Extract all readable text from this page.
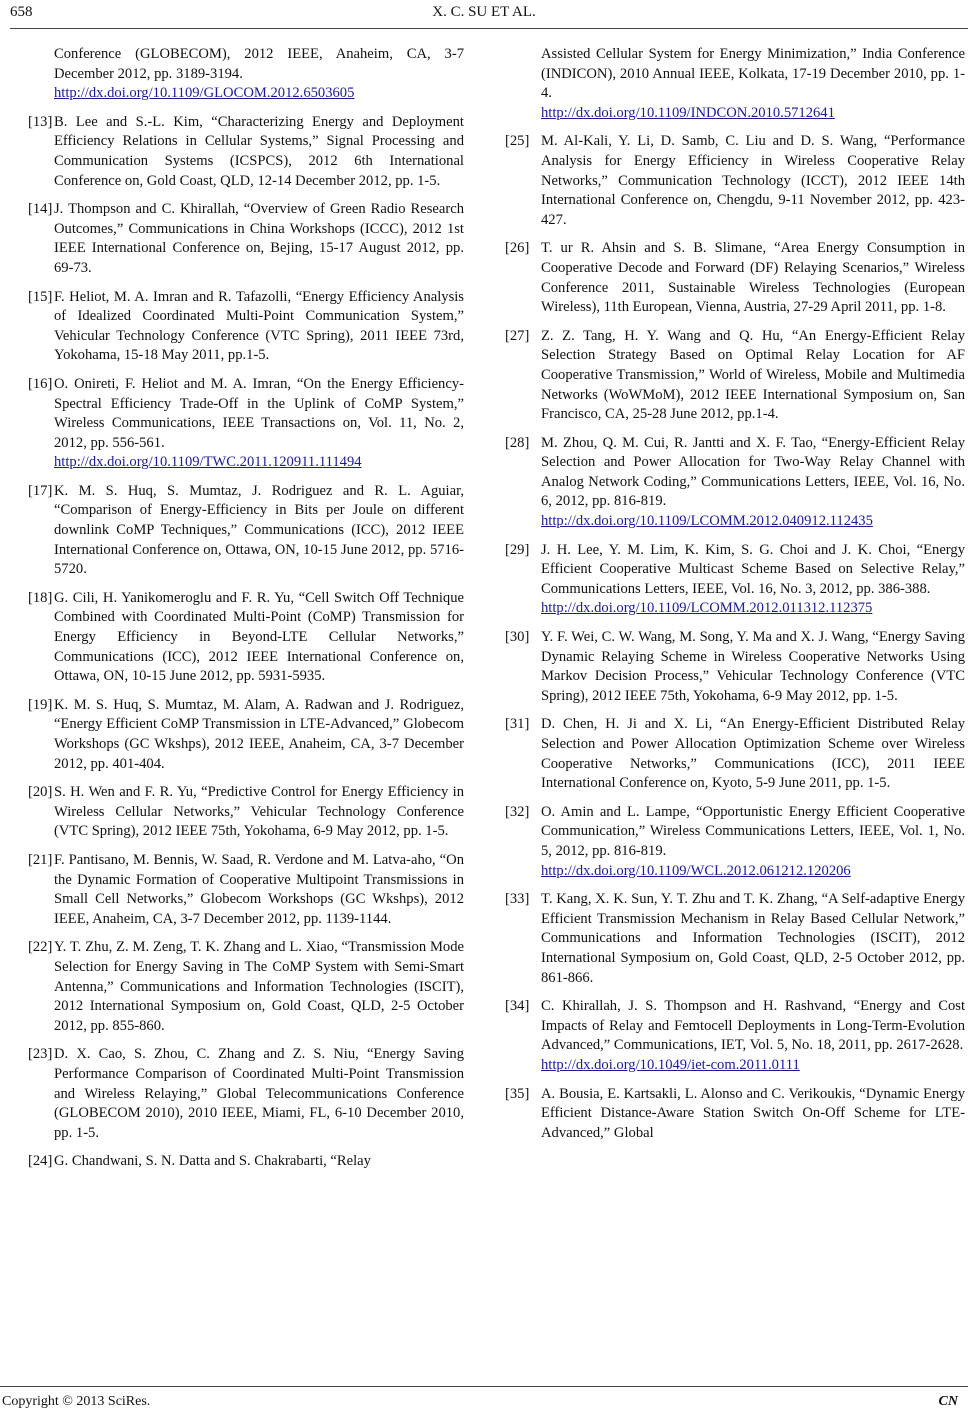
658	X. C. SU ET AL.
Conference (GLOBECOM), 2012 IEEE, Anaheim, CA, 3-7 December 2012, pp. 3189-3194.
http://dx.doi.org/10.1109/GLOCOM.2012.6503605
[13] B. Lee and S.-L. Kim, “Characterizing Energy and Deployment Efficiency Relations in Cellular Systems,” Signal Processing and Communication Systems (ICSPCS), 2012 6th International Conference on, Gold Coast, QLD, 12-14 December 2012, pp. 1-5.
[14] J. Thompson and C. Khirallah, “Overview of Green Radio Research Outcomes,” Communications in China Workshops (ICCC), 2012 1st IEEE International Conference on, Bejing, 15-17 August 2012, pp. 69-73.
[15] F. Heliot, M. A. Imran and R. Tafazolli, “Energy Efficiency Analysis of Idealized Coordinated Multi-Point Communication System,” Vehicular Technology Conference (VTC Spring), 2011 IEEE 73rd, Yokohama, 15-18 May 2011, pp.1-5.
[16] O. Onireti, F. Heliot and M. A. Imran, “On the Energy Efficiency-Spectral Efficiency Trade-Off in the Uplink of CoMP System,” Wireless Communications, IEEE Transactions on, Vol. 11, No. 2, 2012, pp. 556-561.
http://dx.doi.org/10.1109/TWC.2011.120911.111494
[17] K. M. S. Huq, S. Mumtaz, J. Rodriguez and R. L. Aguiar, “Comparison of Energy-Efficiency in Bits per Joule on different downlink CoMP Techniques,” Communications (ICC), 2012 IEEE International Conference on, Ottawa, ON, 10-15 June 2012, pp. 5716-5720.
[18] G. Cili, H. Yanikomeroglu and F. R. Yu, “Cell Switch Off Technique Combined with Coordinated Multi-Point (CoMP) Transmission for Energy Efficiency in Beyond-LTE Cellular Networks,” Communications (ICC), 2012 IEEE International Conference on, Ottawa, ON, 10-15 June 2012, pp. 5931-5935.
[19] K. M. S. Huq, S. Mumtaz, M. Alam, A. Radwan and J. Rodriguez, “Energy Efficient CoMP Transmission in LTE-Advanced,” Globecom Workshops (GC Wkshps), 2012 IEEE, Anaheim, CA, 3-7 December 2012, pp. 401-404.
[20] S. H. Wen and F. R. Yu, “Predictive Control for Energy Efficiency in Wireless Cellular Networks,” Vehicular Technology Conference (VTC Spring), 2012 IEEE 75th, Yokohama, 6-9 May 2012, pp. 1-5.
[21] F. Pantisano, M. Bennis, W. Saad, R. Verdone and M. Latva-aho, “On the Dynamic Formation of Cooperative Multipoint Transmissions in Small Cell Networks,” Globecom Workshops (GC Wkshps), 2012 IEEE, Anaheim, CA, 3-7 December 2012, pp. 1139-1144.
[22] Y. T. Zhu, Z. M. Zeng, T. K. Zhang and L. Xiao, “Transmission Mode Selection for Energy Saving in The CoMP System with Semi-Smart Antenna,” Communications and Information Technologies (ISCIT), 2012 International Symposium on, Gold Coast, QLD, 2-5 October 2012, pp. 855-860.
[23] D. X. Cao, S. Zhou, C. Zhang and Z. S. Niu, “Energy Saving Performance Comparison of Coordinated Multi-Point Transmission and Wireless Relaying,” Global Telecommunications Conference (GLOBECOM 2010), 2010 IEEE, Miami, FL, 6-10 December 2010, pp. 1-5.
[24] G. Chandwani, S. N. Datta and S. Chakrabarti, “Relay
Assisted Cellular System for Energy Minimization,” India Conference (INDICON), 2010 Annual IEEE, Kolkata, 17-19 December 2010, pp. 1-4.
http://dx.doi.org/10.1109/INDCON.2010.5712641
[25] M. Al-Kali, Y. Li, D. Samb, C. Liu and D. S. Wang, “Performance Analysis for Energy Efficiency in Wireless Cooperative Relay Networks,” Communication Technology (ICCT), 2012 IEEE 14th International Conference on, Chengdu, 9-11 November 2012, pp. 423-427.
[26] T. ur R. Ahsin and S. B. Slimane, “Area Energy Consumption in Cooperative Decode and Forward (DF) Relaying Scenarios,” Wireless Conference 2011, Sustainable Wireless Technologies (European Wireless), 11th European, Vienna, Austria, 27-29 April 2011, pp. 1-8.
[27] Z. Z. Tang, H. Y. Wang and Q. Hu, “An Energy-Efficient Relay Selection Strategy Based on Optimal Relay Location for AF Cooperative Transmission,” World of Wireless, Mobile and Multimedia Networks (WoWMoM), 2012 IEEE International Symposium on, San Francisco, CA, 25-28 June 2012, pp.1-4.
[28] M. Zhou, Q. M. Cui, R. Jantti and X. F. Tao, “Energy-Efficient Relay Selection and Power Allocation for Two-Way Relay Channel with Analog Network Coding,” Communications Letters, IEEE, Vol. 16, No. 6, 2012, pp. 816-819.
http://dx.doi.org/10.1109/LCOMM.2012.040912.112435
[29] J. H. Lee, Y. M. Lim, K. Kim, S. G. Choi and J. K. Choi, “Energy Efficient Cooperative Multicast Scheme Based on Selective Relay,” Communications Letters, IEEE, Vol. 16, No. 3, 2012, pp. 386-388.
http://dx.doi.org/10.1109/LCOMM.2012.011312.112375
[30] Y. F. Wei, C. W. Wang, M. Song, Y. Ma and X. J. Wang, “Energy Saving Dynamic Relaying Scheme in Wireless Cooperative Networks Using Markov Decision Process,” Vehicular Technology Conference (VTC Spring), 2012 IEEE 75th, Yokohama, 6-9 May 2012, pp. 1-5.
[31] D. Chen, H. Ji and X. Li, “An Energy-Efficient Distributed Relay Selection and Power Allocation Optimization Scheme over Wireless Cooperative Networks,” Communications (ICC), 2011 IEEE International Conference on, Kyoto, 5-9 June 2011, pp. 1-5.
[32] O. Amin and L. Lampe, “Opportunistic Energy Efficient Cooperative Communication,” Wireless Communications Letters, IEEE, Vol. 1, No. 5, 2012, pp. 816-819.
http://dx.doi.org/10.1109/WCL.2012.061212.120206
[33] T. Kang, X. K. Sun, Y. T. Zhu and T. K. Zhang, “A Self-adaptive Energy Efficient Transmission Mechanism in Relay Based Cellular Network,” Communications and Information Technologies (ISCIT), 2012 International Symposium on, Gold Coast, QLD, 2-5 October 2012, pp. 861-866.
[34] C. Khirallah, J. S. Thompson and H. Rashvand, “Energy and Cost Impacts of Relay and Femtocell Deployments in Long-Term-Evolution Advanced,” Communications, IET, Vol. 5, No. 18, 2011, pp. 2617-2628.
http://dx.doi.org/10.1049/iet-com.2011.0111
[35] A. Bousia, E. Kartsakli, L. Alonso and C. Verikoukis, “Dynamic Energy Efficient Distance-Aware Station Switch On-Off Scheme for LTE-Advanced,” Global
Copyright © 2013 SciRes.	CN
